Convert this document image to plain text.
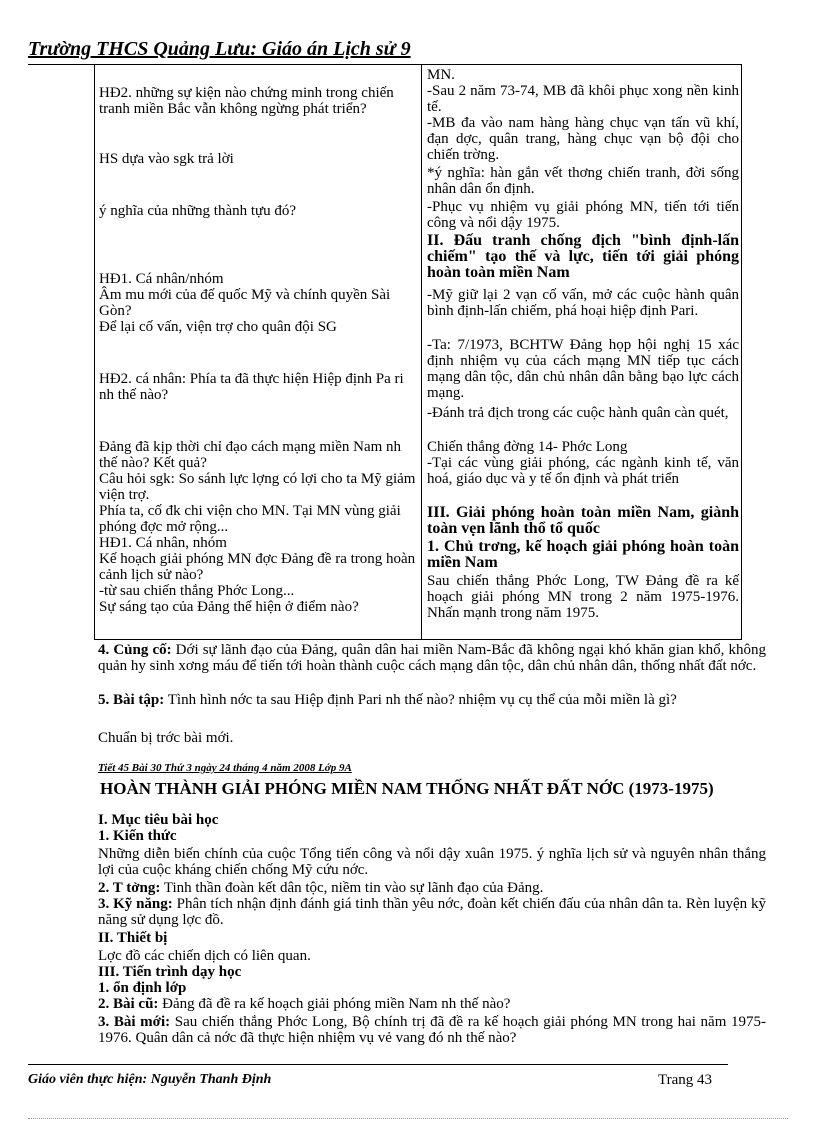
Trường THCS Quảng Lưu: Giáo án Lịch sử 9
HĐ2. những sự kiện nào chứng minh trong chiến tranh miền Bắc vẫn không ngừng phát triển?
HS dựa vào sgk trả lời
ý nghĩa của những thành tựu đó?
HĐ1. Cá nhân/nhóm
Âm mu mới của đế quốc Mỹ và chính quyền Sài Gòn?
Để lại cố vấn, viện trợ cho quân đội SG
HĐ2. cá nhân: Phía ta đã thực hiện Hiệp định Pa ri nh thế nào?
Đảng đã kịp thời chỉ đạo cách mạng miền Nam nh thế nào? Kết quả?
Câu hỏi sgk: So sánh lực lợng có lợi cho ta Mỹ giảm viện trợ.
Phía ta, cố đk chi viện cho MN. Tại MN vùng giải phóng đợc mở rộng...
HĐ1. Cá nhân, nhóm
Kế hoạch giải phóng MN đợc Đảng đề ra trong hoàn cảnh lịch sử nào?
-từ sau chiến thắng Phớc Long...
Sự sáng tạo của Đảng thể hiện ở điểm nào?
MN.
-Sau 2 năm 73-74, MB đã khôi phục xong nền kinh tế.
-MB đa vào nam hàng hàng chục vạn tấn vũ khí, đạn dợc, quân trang, hàng chục vạn bộ đội cho chiến trờng.
*ý nghĩa: hàn gắn vết thơng chiến tranh, đời sống nhân dân ổn định.
-Phục vụ nhiệm vụ giải phóng MN, tiến tới tiến công và nổi dậy 1975.
II. Đấu tranh chống địch "bình định-lấn chiếm" tạo thế và lực, tiến tới giải phóng hoàn toàn miền Nam
-Mỹ giữ lại 2 vạn cố vấn, mở các cuộc hành quân bình định-lấn chiếm, phá hoại hiệp định Pari.
-Ta: 7/1973, BCHTW Đảng họp hội nghị 15 xác định nhiệm vụ của cách mạng MN tiếp tục cách mạng dân tộc, dân chủ nhân dân bằng bạo lực cách mạng.
-Đánh trả địch trong các cuộc hành quân càn quét,
Chiến thắng đờng 14- Phớc Long
-Tại các vùng giải phóng, các ngành kinh tế, văn hoá, giáo dục và y tế ổn định và phát triển
III. Giải phóng hoàn toàn miền Nam, giành toàn vẹn lãnh thổ tổ quốc
1. Chủ trơng, kế hoạch giải phóng hoàn toàn miền Nam
Sau chiến thắng Phớc Long, TW Đảng đề ra kế hoạch giải phóng MN trong 2 năm 1975-1976. Nhấn mạnh trong năm 1975.
4. Củng cố: Dới sự lãnh đạo của Đảng, quân dân hai miền Nam-Bắc đã không ngại khó khăn gian khổ, không quản hy sinh xơng máu để tiến tới hoàn thành cuộc cách mạng dân tộc, dân chủ nhân dân, thống nhất đất nớc.
5. Bài tập: Tình hình nớc ta sau Hiệp định Pari nh thế nào? nhiệm vụ cụ thể của mỗi miền là gì?
Chuẩn bị trớc bài mới.
Tiết 45 Bài 30 Thứ 3 ngày 24 tháng 4 năm 2008 Lớp 9A
HOÀN THÀNH GIẢI PHÓNG MIỀN NAM THỐNG NHẤT ĐẤT NỚC (1973-1975)
I. Mục tiêu bài học
1. Kiến thức
Những diễn biến chính của cuộc Tổng tiến công và nổi dậy xuân 1975. ý nghĩa lịch sử và nguyên nhân thắng lợi của cuộc kháng chiến chống Mỹ cứu nớc.
2. T tởng: Tinh thần đoàn kết dân tộc, niềm tin vào sự lãnh đạo của Đảng.
3. Kỹ năng: Phân tích nhận định đánh giá tinh thần yêu nớc, đoàn kết chiến đấu của nhân dân ta. Rèn luyện kỹ năng sử dụng lợc đồ.
II. Thiết bị
Lợc đồ các chiến dịch có liên quan.
III. Tiến trình dạy học
1. ổn định lớp
2. Bài cũ: Đảng đã đề ra kế hoạch giải phóng miền Nam nh thế nào?
3. Bài mới: Sau chiến thắng Phớc Long, Bộ chính trị đã đề ra kế hoạch giải phóng MN trong hai năm 1975-1976. Quân dân cả nớc đã thực hiện nhiệm vụ vẻ vang đó nh thế nào?
Giáo viên thực hiện: Nguyễn Thanh Định	Trang 43
